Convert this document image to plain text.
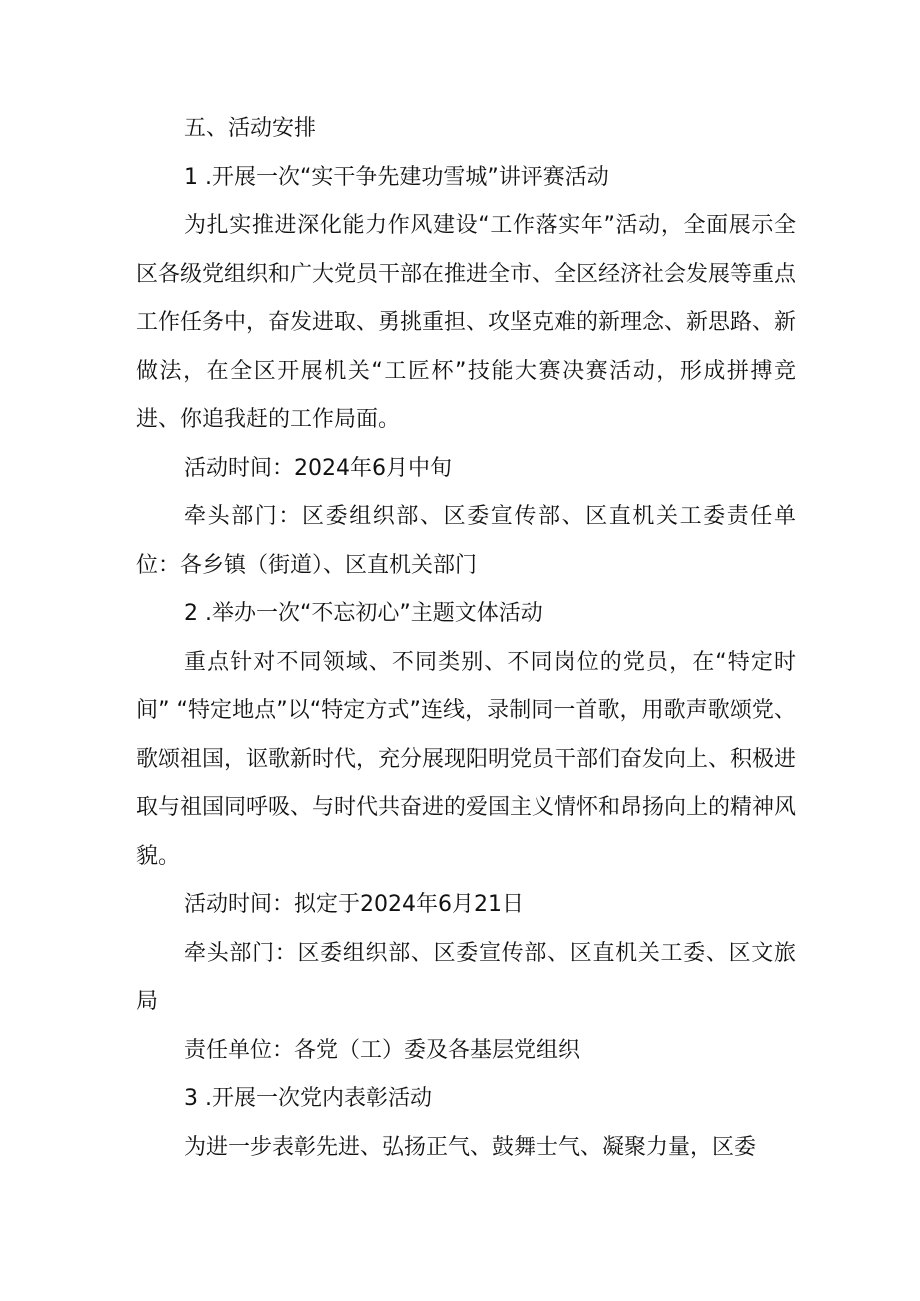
五、活动安排

1 .开展一次“实干争先建功雪城”讲评赛活动

为扎实推进深化能力作风建设“工作落实年”活动，全面展示全区各级党组织和广大党员干部在推进全市、全区经济社会发展等重点工作任务中，奋发进取、勇挑重担、攻坚克难的新理念、新思路、新做法，在全区开展机关“工匠杯”技能大赛决赛活动，形成拼搏竞进、你追我赶的工作局面。

活动时间：2024年6月中旬

牵头部门：区委组织部、区委宣传部、区直机关工委责任单位：各乡镇（街道）、区直机关部门

2 .举办一次“不忘初心”主题文体活动

重点针对不同领域、不同类别、不同岗位的党员，在“特定时间” “特定地点”以“特定方式”连线，录制同一首歌，用歌声歌颂党、歌颂祖国，讴歌新时代，充分展现阳明党员干部们奋发向上、积极进取与祖国同呼吸、与时代共奋进的爱国主义情怀和昂扬向上的精神风貌。

活动时间：拟定于2024年6月21日

牵头部门：区委组织部、区委宣传部、区直机关工委、区文旅局

责任单位：各党（工）委及各基层党组织

3 .开展一次党内表彰活动

为进一步表彰先进、弘扬正气、鼓舞士气、凝聚力量，区委
